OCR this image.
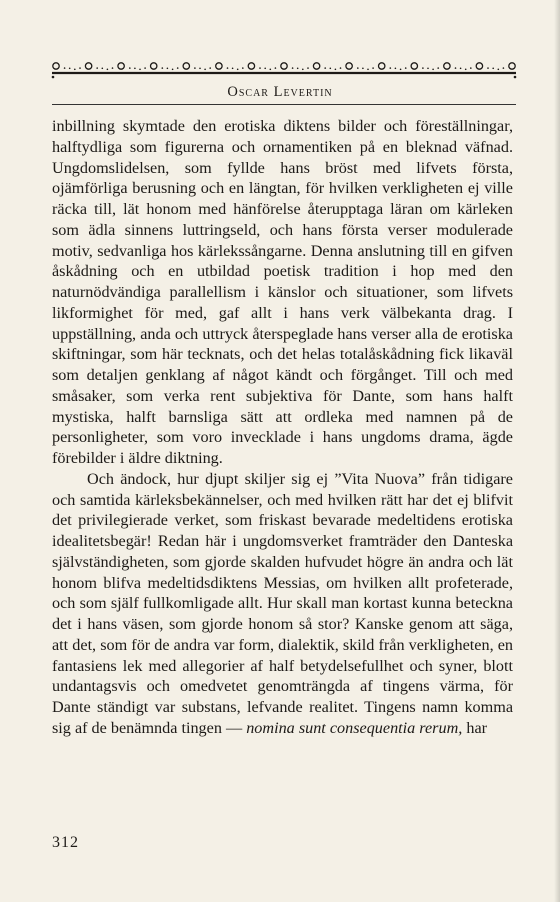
Oscar Levertin

inbillning skymtade den erotiska diktens bilder och föreställningar, halftydliga som figurerna och ornamentiken på en bleknad väfnad. Ungdomslidelsen, som fyllde hans bröst med lifvets första, ojämförliga berusning och en längtan, för hvilken verkligheten ej ville räcka till, lät honom med hänförelse återupptaga läran om kärleken som ädla sinnens luttringseld, och hans första verser modulerade motiv, sedvanliga hos kärlekssångarne. Denna anslutning till en gifven åskådning och en utbildad poetisk tradition i hop med den naturnödvändiga parallellism i känslor och situationer, som lifvets likformighet för med, gaf allt i hans verk välbekanta drag. I uppställning, anda och uttryck återspeglade hans verser alla de erotiska skiftningar, som här tecknats, och det helas totalåskådning fick likaväl som detaljen genklang af något kändt och förgånget. Till och med småsaker, som verka rent subjektiva för Dante, som hans halft mystiska, halft barnsliga sätt att ordleka med namnen på de personligheter, som voro invecklade i hans ungdoms drama, ägde förebilder i äldre diktning.

Och ändock, hur djupt skiljer sig ej ”Vita Nuova” från tidigare och samtida kärleksbekännelser, och med hvilken rätt har det ej blifvit det privilegierade verket, som friskast bevarade medeltidens erotiska idealitetsbegär! Redan här i ungdomsverket framträder den Danteska självständigheten, som gjorde skalden hufvudet högre än andra och lät honom blifva medeltidsdiktens Messias, om hvilken allt profeterade, och som själf fullkomligade allt. Hur skall man kortast kunna beteckna det i hans väsen, som gjorde honom så stor? Kanske genom att säga, att det, som för de andra var form, dialektik, skild från verkligheten, en fantasiens lek med allegorier af half betydelsefullhet och syner, blott undantagsvis och omedvetet genomträngda af tingens värma, för Dante ständigt var substans, lefvande realitet. Tingens namn komma sig af de benämnda tingen — nomina sunt consequentia rerum, har

312
